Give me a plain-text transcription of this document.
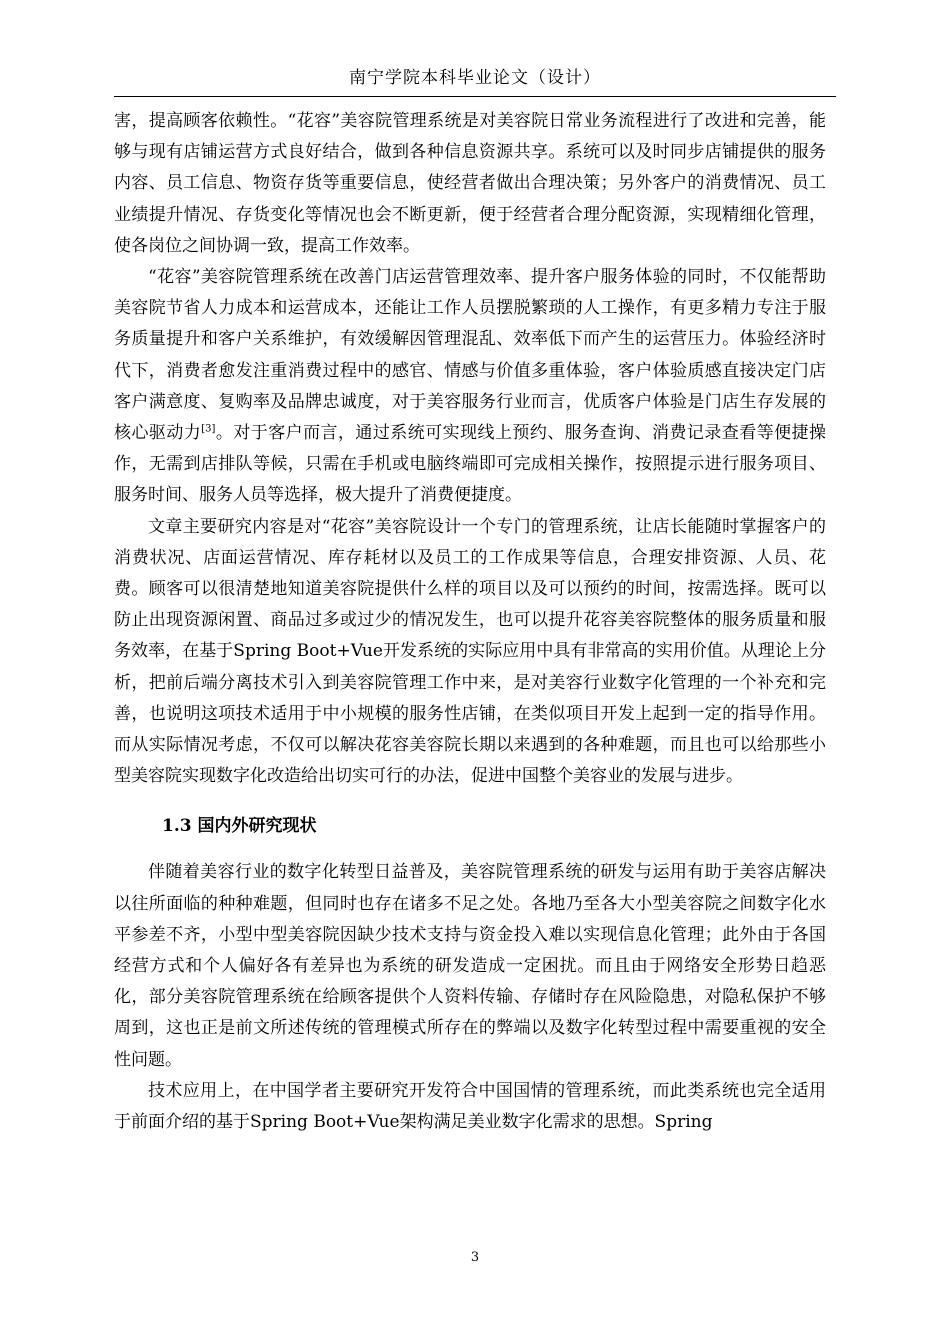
南宁学院本科毕业论文（设计）

害，提高顾客依赖性。“花容”美容院管理系统是对美容院日常业务流程进行了改进和完善，能够与现有店铺运营方式良好结合，做到各种信息资源共享。系统可以及时同步店铺提供的服务内容、员工信息、物资存货等重要信息，使经营者做出合理决策；另外客户的消费情况、员工业绩提升情况、存货变化等情况也会不断更新，便于经营者合理分配资源，实现精细化管理，使各岗位之间协调一致，提高工作效率。

“花容”美容院管理系统在改善门店运营管理效率、提升客户服务体验的同时，不仅能帮助美容院节省人力成本和运营成本，还能让工作人员摆脱繁琐的人工操作，有更多精力专注于服务质量提升和客户关系维护，有效缓解因管理混乱、效率低下而产生的运营压力。体验经济时代下，消费者愈发注重消费过程中的感官、情感与价值多重体验，客户体验质感直接决定门店客户满意度、复购率及品牌忠诚度，对于美容服务行业而言，优质客户体验是门店生存发展的核心驱动力[3]。对于客户而言，通过系统可实现线上预约、服务查询、消费记录查看等便捷操作，无需到店排队等候，只需在手机或电脑终端即可完成相关操作，按照提示进行服务项目、服务时间、服务人员等选择，极大提升了消费便捷度。

文章主要研究内容是对“花容”美容院设计一个专门的管理系统，让店长能随时掌握客户的消费状况、店面运营情况、库存耗材以及员工的工作成果等信息，合理安排资源、人员、花费。顾客可以很清楚地知道美容院提供什么样的项目以及可以预约的时间，按需选择。既可以防止出现资源闲置、商品过多或过少的情况发生，也可以提升花容美容院整体的服务质量和服务效率，在基于Spring Boot+Vue开发系统的实际应用中具有非常高的实用价值。从理论上分析，把前后端分离技术引入到美容院管理工作中来，是对美容行业数字化管理的一个补充和完善，也说明这项技术适用于中小规模的服务性店铺，在类似项目开发上起到一定的指导作用。而从实际情况考虑，不仅可以解决花容美容院长期以来遇到的各种难题，而且也可以给那些小型美容院实现数字化改造给出切实可行的办法，促进中国整个美容业的发展与进步。

1.3 国内外研究现状

伴随着美容行业的数字化转型日益普及，美容院管理系统的研发与运用有助于美容店解决以往所面临的种种难题，但同时也存在诸多不足之处。各地乃至各大小型美容院之间数字化水平参差不齐，小型中型美容院因缺少技术支持与资金投入难以实现信息化管理；此外由于各国经营方式和个人偏好各有差异也为系统的研发造成一定困扰。而且由于网络安全形势日趋恶化，部分美容院管理系统在给顾客提供个人资料传输、存储时存在风险隐患，对隐私保护不够周到，这也正是前文所述传统的管理模式所存在的弊端以及数字化转型过程中需要重视的安全性问题。

技术应用上，在中国学者主要研究开发符合中国国情的管理系统，而此类系统也完全适用于前面介绍的基于Spring Boot+Vue架构满足美业数字化需求的思想。Spring

3
